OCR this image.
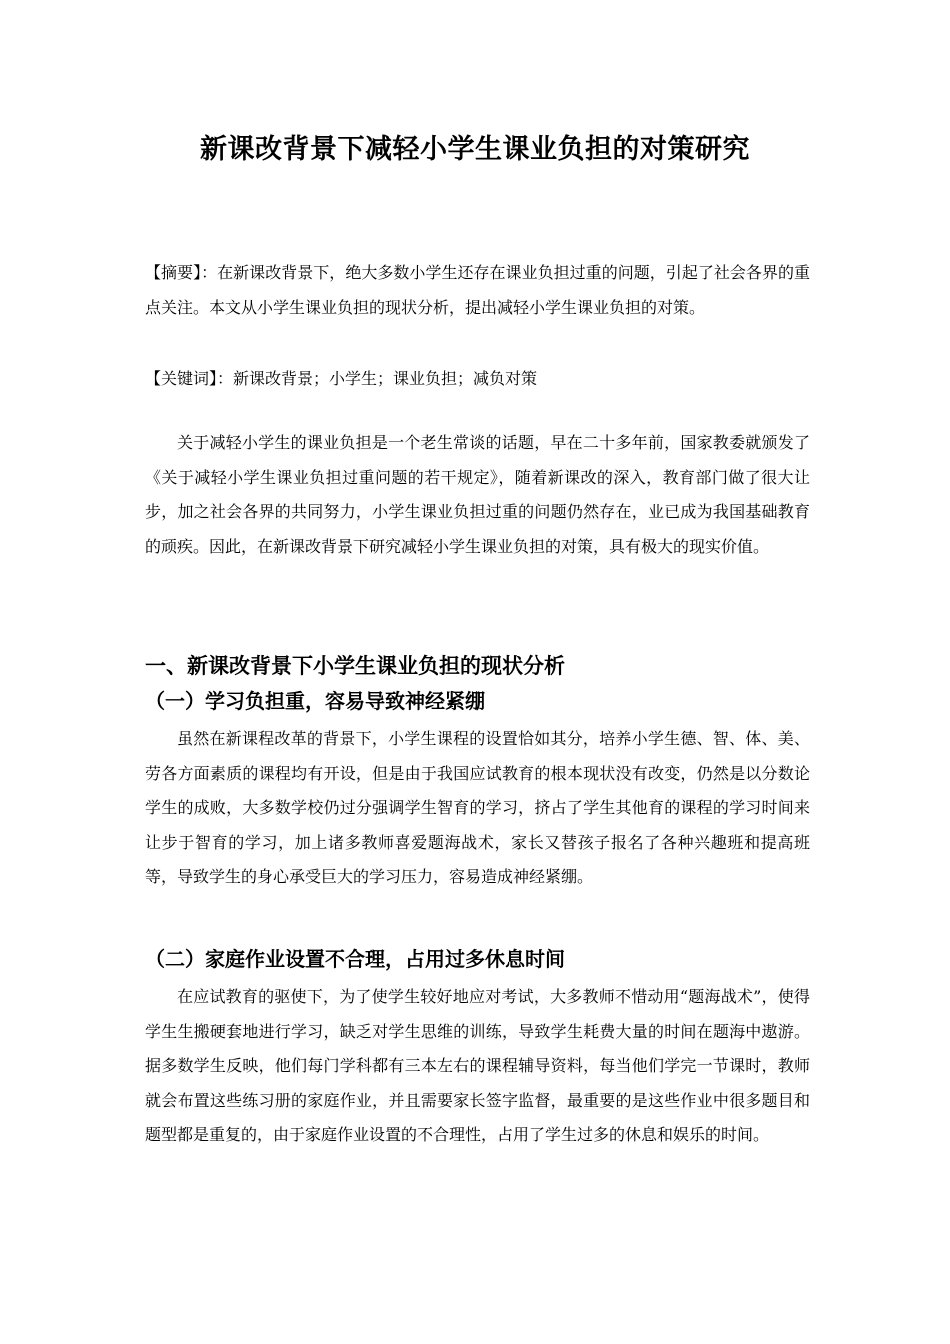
新课改背景下减轻小学生课业负担的对策研究
【摘要】：在新课改背景下，绝大多数小学生还存在课业负担过重的问题，引起了社会各界的重点关注。本文从小学生课业负担的现状分析，提出减轻小学生课业负担的对策。
【关键词】：新课改背景；小学生；课业负担；减负对策
关于减轻小学生的课业负担是一个老生常谈的话题，早在二十多年前，国家教委就颁发了《关于减轻小学生课业负担过重问题的若干规定》，随着新课改的深入，教育部门做了很大让步，加之社会各界的共同努力，小学生课业负担过重的问题仍然存在，业已成为我国基础教育的顽疾。因此，在新课改背景下研究减轻小学生课业负担的对策，具有极大的现实价值。
一、新课改背景下小学生课业负担的现状分析
（一）学习负担重，容易导致神经紧绷
虽然在新课程改革的背景下，小学生课程的设置恰如其分，培养小学生德、智、体、美、劳各方面素质的课程均有开设，但是由于我国应试教育的根本现状没有改变，仍然是以分数论学生的成败，大多数学校仍过分强调学生智育的学习，挤占了学生其他育的课程的学习时间来让步于智育的学习，加上诸多教师喜爱题海战术，家长又替孩子报名了各种兴趣班和提高班等，导致学生的身心承受巨大的学习压力，容易造成神经紧绷。
（二）家庭作业设置不合理，占用过多休息时间
在应试教育的驱使下，为了使学生较好地应对考试，大多教师不惜动用“题海战术”，使得学生生搬硬套地进行学习，缺乏对学生思维的训练，导致学生耗费大量的时间在题海中遨游。据多数学生反映，他们每门学科都有三本左右的课程辅导资料，每当他们学完一节课时，教师就会布置这些练习册的家庭作业，并且需要家长签字监督，最重要的是这些作业中很多题目和题型都是重复的，由于家庭作业设置的不合理性，占用了学生过多的休息和娱乐的时间。
